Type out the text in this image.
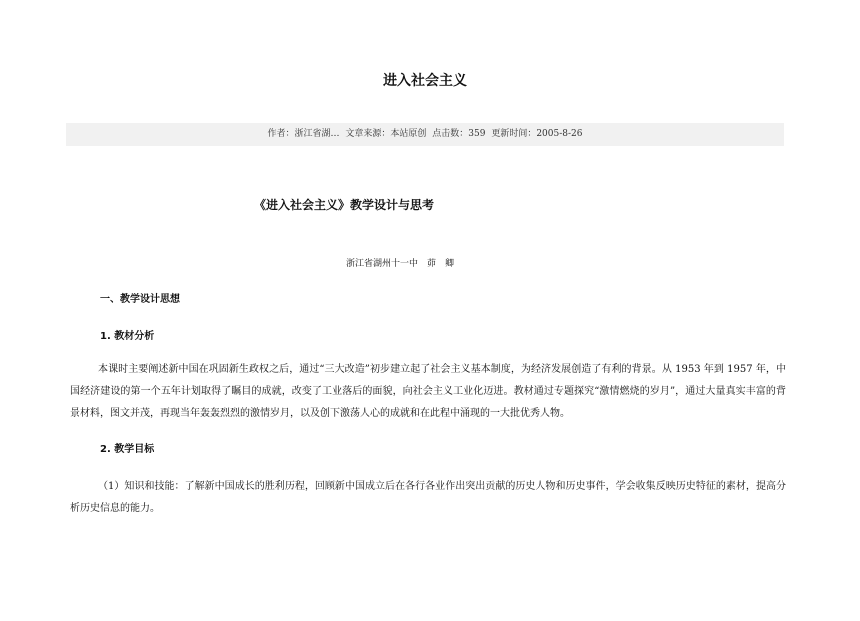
进入社会主义
作者：浙江省湖… 文章来源：本站原创 点击数：359 更新时间：2005-8-26
《进入社会主义》教学设计与思考
浙江省湖州十一中　茆　卿
一、教学设计思想
1. 教材分析

本课时主要阐述新中国在巩固新生政权之后，通过“三大改造”初步建立起了社会主义基本制度，为经济发展创造了有利的背景。从 1953 年到 1957 年，中国经济建设的第一个五年计划取得了瞩目的成就，改变了工业落后的面貌，向社会主义工业化迈进。教材通过专题探究“激情燃烧的岁月”，通过大量真实丰富的背景材料，图文并茂，再现当年轰轰烈烈的激情岁月，以及创下激荡人心的成就和在此程中涌现的一大批优秀人物。

2. 教学目标

（1）知识和技能：了解新中国成长的胜利历程，回顾新中国成立后在各行各业作出突出贡献的历史人物和历史事件，学会收集反映历史特征的素材，提高分析历史信息的能力。
